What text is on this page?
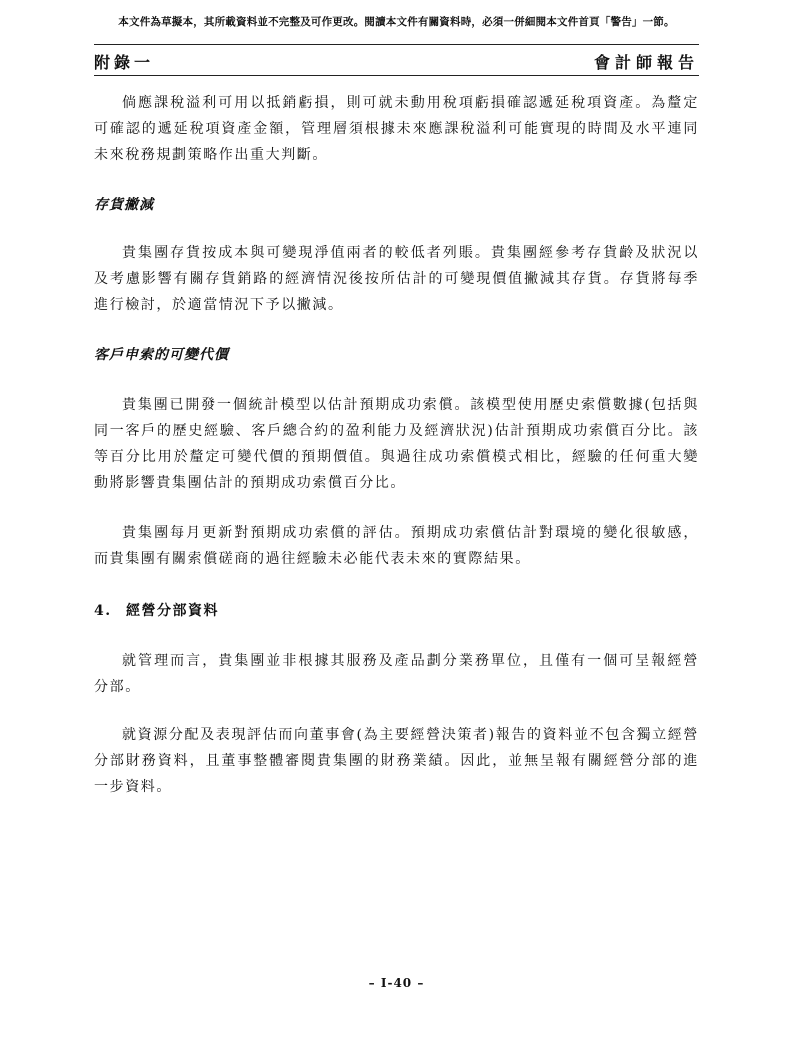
本文件為草擬本，其所載資料並不完整及可作更改。閱讀本文件有關資料時，必須一併細閱本文件首頁「警告」一節。
附錄一	會計師報告
倘應課稅溢利可用以抵銷虧損，則可就未動用稅項虧損確認遞延稅項資產。為釐定可確認的遞延稅項資產金額，管理層須根據未來應課稅溢利可能實現的時間及水平連同未來稅務規劃策略作出重大判斷。
存貨撇減
貴集團存貨按成本與可變現淨值兩者的較低者列賬。貴集團經參考存貨齡及狀況以及考慮影響有關存貨銷路的經濟情況後按所估計的可變現價值撇減其存貨。存貨將每季進行檢討，於適當情況下予以撇減。
客戶申索的可變代價
貴集團已開發一個統計模型以估計預期成功索償。該模型使用歷史索償數據(包括與同一客戶的歷史經驗、客戶總合約的盈利能力及經濟狀況)估計預期成功索償百分比。該等百分比用於釐定可變代價的預期價值。與過往成功索償模式相比，經驗的任何重大變動將影響貴集團估計的預期成功索償百分比。
貴集團每月更新對預期成功索償的評估。預期成功索償估計對環境的變化很敏感，而貴集團有關索償磋商的過往經驗未必能代表未來的實際結果。
4. 經營分部資料
就管理而言，貴集團並非根據其服務及產品劃分業務單位，且僅有一個可呈報經營分部。
就資源分配及表現評估而向董事會(為主要經營決策者)報告的資料並不包含獨立經營分部財務資料，且董事整體審閱貴集團的財務業績。因此，並無呈報有關經營分部的進一步資料。
– I-40 –
